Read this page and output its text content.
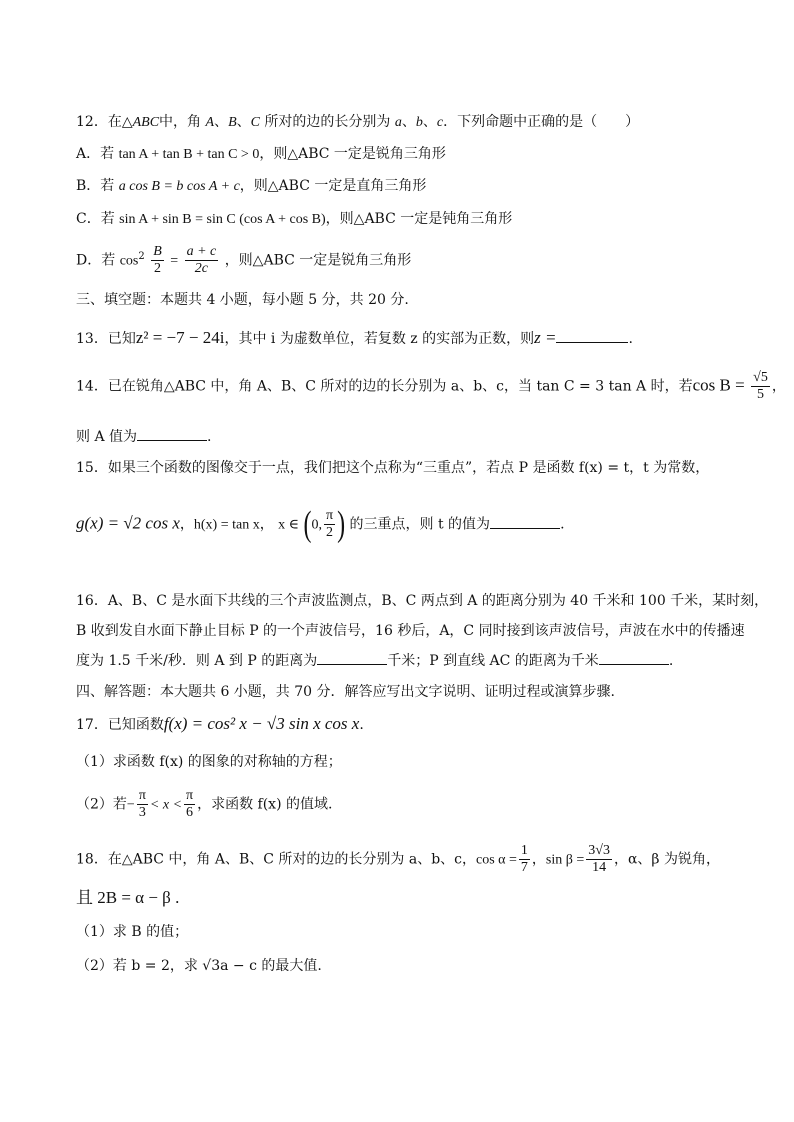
12．在△ABC中，角 A、B、C 所对的边的长分别为 a、b、c．下列命题中正确的是（　　）
A．若 tan A + tan B + tan C > 0，则△ABC 一定是锐角三角形
B．若 a cos B = b cos A + c，则△ABC 一定是直角三角形
C．若 sin A + sin B = sin C (cos A + cos B)，则△ABC 一定是钝角三角形
D．若 $\cos^2 \frac{B}{2} = \frac{a + c}{2c}$ ，则△ABC 一定是锐角三角形
三、填空题：本题共 4 小题，每小题 5 分，共 20 分.
13．已知z² = −7 − 24i，其中 i 为虚数单位，若复数 z 的实部为正数，则z =	.
14．已在锐角△ABC 中，角 A、B、C 所对的边的长分别为 a、b、c，当 tan C = 3 tan A 时，若$\cos B = \frac{√5}{5}$ ，
则 A 值为	.
15．如果三个函数的图像交于一点，我们把这个点称为“三重点”，若点 P 是函数 f(x) = t，t 为常数，
g(x) = √2 cos x，h(x) = tan x， x ∈ (0, $\frac{\pi}{2}$ ) 的三重点，则 t 的值为	.
16．A、B、C 是水面下共线的三个声波监测点，B、C 两点到 A 的距离分别为 40 千米和 100 千米，某时刻，
B 收到发自水面下静止目标 P 的一个声波信号，16 秒后，A，C 同时接到该声波信号，声波在水中的传播速
度为 1.5 千米/秒．则 A 到 P 的距离为	千米；P 到直线 AC 的距离为千米	.
四、解答题：本大题共 6 小题，共 70 分．解答应写出文字说明、证明过程或演算步骤.
17．已知函数f(x) = cos² x − √3 sin x cos x.
（1）求函数 f(x) 的图象的对称轴的方程；
（2）若− $\frac{\pi}{3} < x < \frac{\pi}{6}$ ，求函数 f(x) 的值域.
18．在△ABC 中，角 A、B、C 所对的边的长分别为 a、b、c，$\cos \alpha = \frac{1}{7}$ ，$\sin \beta = \frac{3√3}{14}$ ，α、β 为锐角，
且 2B = α − β .
（1）求 B 的值；
（2）若 b = 2，求 √3a − c 的最大值.
